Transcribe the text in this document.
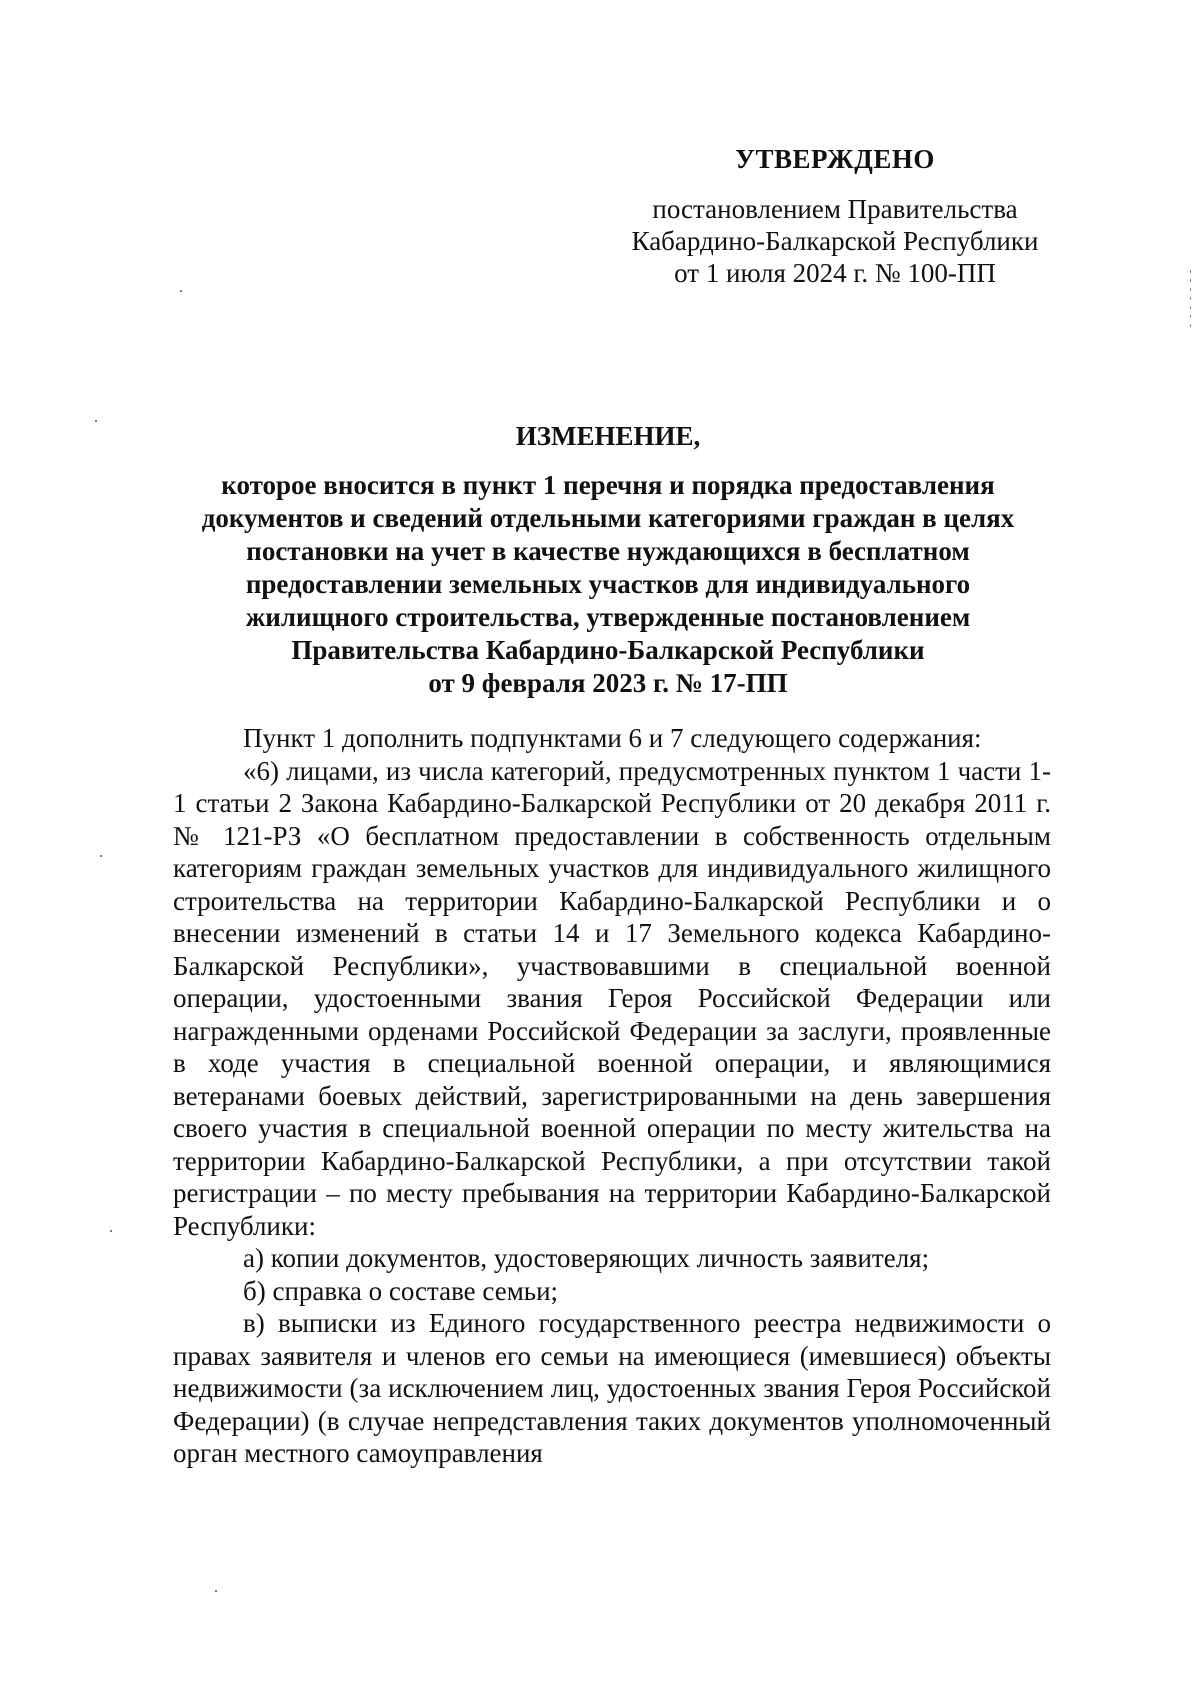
УТВЕРЖДЕНО
постановлением Правительства
Кабардино-Балкарской Республики
от 1 июля 2024 г. № 100-ПП
ИЗМЕНЕНИЕ,
которое вносится в пункт 1 перечня и порядка предоставления
документов и сведений отдельными категориями граждан в целях
постановки на учет в качестве нуждающихся в бесплатном
предоставлении земельных участков для индивидуального
жилищного строительства, утвержденные постановлением
Правительства Кабардино-Балкарской Республики
от 9 февраля 2023 г. № 17-ПП

Пункт 1 дополнить подпунктами 6 и 7 следующего содержания:

«6) лицами, из числа категорий, предусмотренных пунктом 1 части 1-1 статьи 2 Закона Кабардино-Балкарской Республики от 20 декабря 2011 г. № 121-РЗ «О бесплатном предоставлении в собственность отдельным категориям граждан земельных участков для индивидуального жилищного строительства на территории Кабардино-Балкарской Республики и о внесении изменений в статьи 14 и 17 Земельного кодекса Кабардино-Балкарской Республики», участвовавшими в специальной военной операции, удостоенными звания Героя Российской Федерации или награжденными орденами Российской Федерации за заслуги, проявленные в ходе участия в специальной военной операции, и являющимися ветеранами боевых действий, зарегистрированными на день завершения своего участия в специальной военной операции по месту жительства на территории Кабардино-Балкарской Республики, а при отсутствии такой регистрации – по месту пребывания на территории Кабардино-Балкарской Республики:

а) копии документов, удостоверяющих личность заявителя;

б) справка о составе семьи;

в) выписки из Единого государственного реестра недвижимости о правах заявителя и членов его семьи на имеющиеся (имевшиеся) объекты недвижимости (за исключением лиц, удостоенных звания Героя Российской Федерации) (в случае непредставления таких документов уполномоченный орган местного самоуправления
